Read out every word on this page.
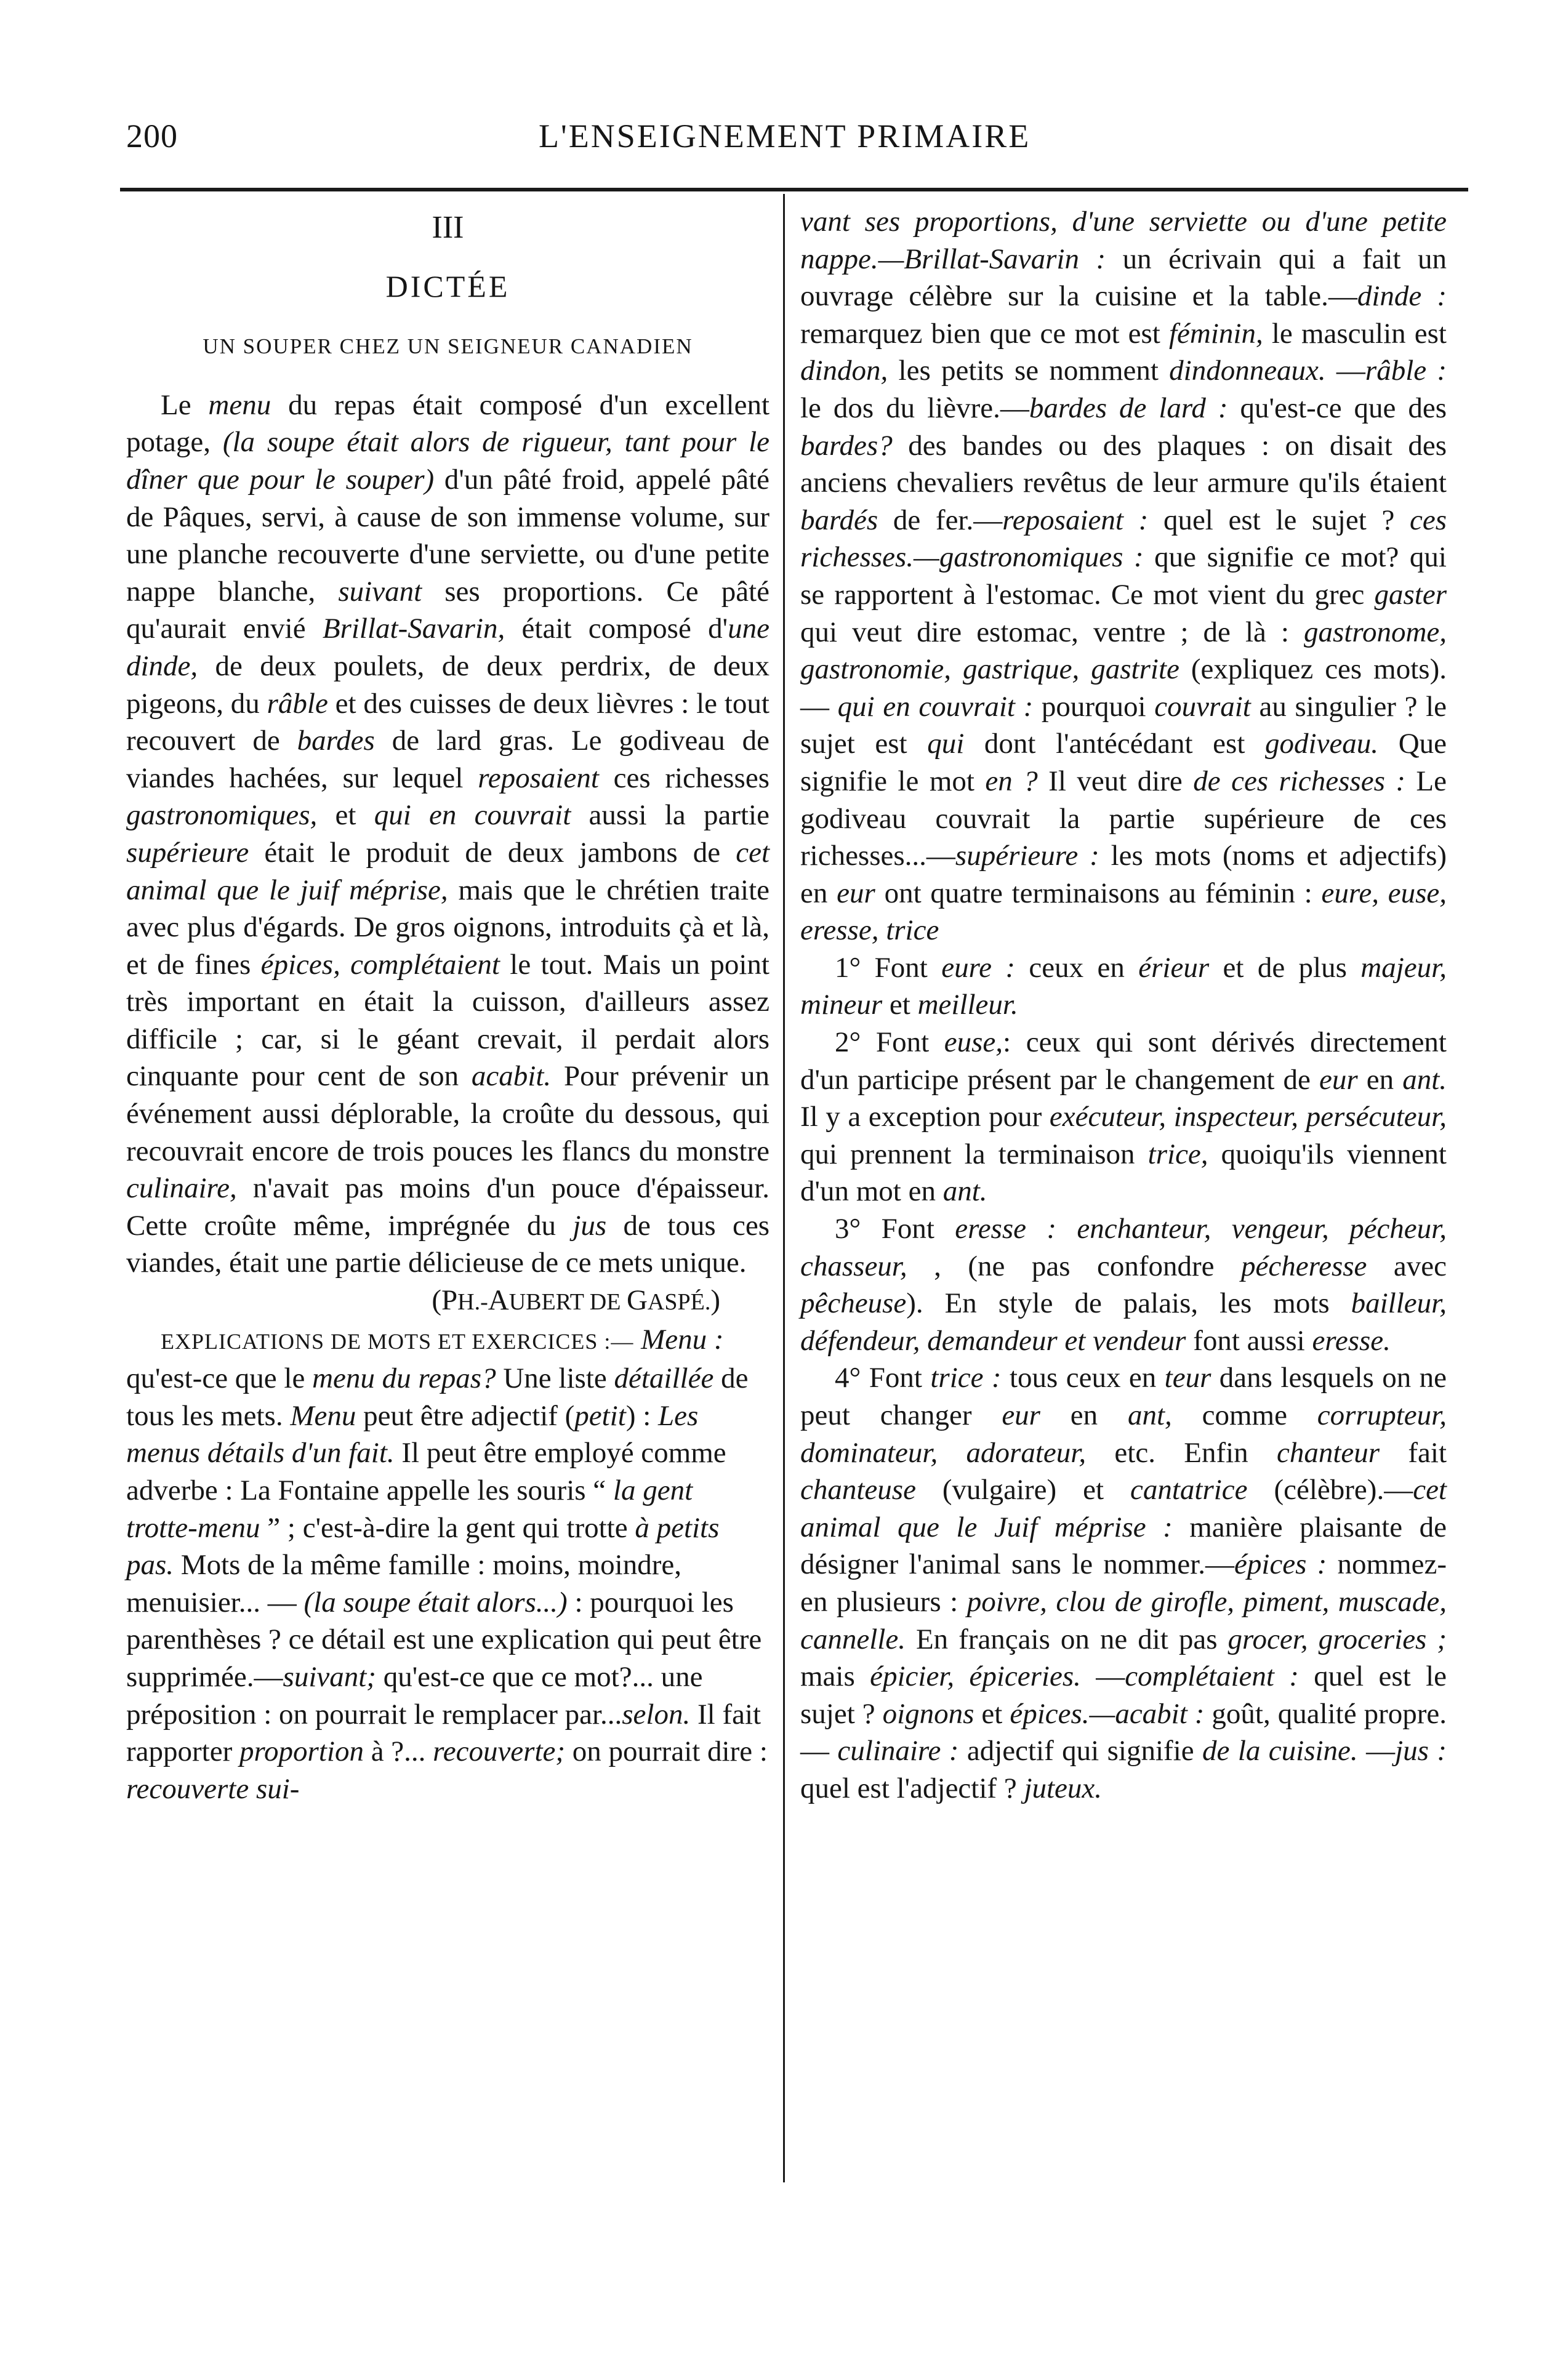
200	L'ENSEIGNEMENT PRIMAIRE
III
DICTÉE
UN SOUPER CHEZ UN SEIGNEUR CANADIEN

Le menu du repas était composé d'un excellent potage, (la soupe était alors de rigueur, tant pour le dîner que pour le souper) d'un pâté froid, appelé pâté de Pâques, servi, à cause de son immense volume, sur une planche recouverte d'une serviette, ou d'une petite nappe blanche, suivant ses proportions. Ce pâté qu'aurait envié Brillat-Savarin, était composé d'une dinde, de deux poulets, de deux perdrix, de deux pigeons, du râble et des cuisses de deux lièvres : le tout recouvert de bardes de lard gras. Le godiveau de viandes hachées, sur lequel reposaient ces richesses gastronomiques, et qui en couvrait aussi la partie supérieure était le produit de deux jambons de cet animal que le juif méprise, mais que le chrétien traite avec plus d'égards. De gros oignons, introduits çà et là, et de fines épices, complétaient le tout. Mais un point très important en était la cuisson, d'ailleurs assez difficile ; car, si le géant crevait, il perdait alors cinquante pour cent de son acabit. Pour prévenir un événement aussi déplorable, la croûte du dessous, qui recouvrait encore de trois pouces les flancs du monstre culinaire, n'avait pas moins d'un pouce d'épaisseur. Cette croûte même, imprégnée du jus de tous ces viandes, était une partie délicieuse de ce mets unique.

(PH.-AUBERT DE GASPÉ.)

EXPLICATIONS DE MOTS ET EXERCICES :— Menu : qu'est-ce que le menu du repas? Une liste détaillée de tous les mets. Menu peut être adjectif (petit) : Les menus détails d'un fait. Il peut être employé comme adverbe : La Fontaine appelle les souris “ la gent trotte-menu ” ; c'est-à-dire la gent qui trotte à petits pas. Mots de la même famille : moins, moindre, menuisier... — (la soupe était alors...) : pourquoi les parenthèses ? ce détail est une explication qui peut être supprimée.—suivant; qu'est-ce que ce mot?... une préposition : on pourrait le remplacer par...selon. Il fait rapporter proportion à ?... recouverte; on pourrait dire : recouverte sui-

vant ses proportions, d'une serviette ou d'une petite nappe.—Brillat-Savarin : un écrivain qui a fait un ouvrage célèbre sur la cuisine et la table.—dinde : remarquez bien que ce mot est féminin, le masculin est dindon, les petits se nomment dindonneaux. —râble : le dos du lièvre.—bardes de lard : qu'est-ce que des bardes? des bandes ou des plaques : on disait des anciens chevaliers revêtus de leur armure qu'ils étaient bardés de fer.—reposaient : quel est le sujet ? ces richesses.—gastronomiques : que signifie ce mot? qui se rapportent à l'estomac. Ce mot vient du grec gaster qui veut dire estomac, ventre ; de là : gastronome, gastronomie, gastrique, gastrite (expliquez ces mots).— qui en couvrait : pourquoi couvrait au singulier ? le sujet est qui dont l'antécédant est godiveau. Que signifie le mot en ? Il veut dire de ces richesses : Le godiveau couvrait la partie supérieure de ces richesses...—supérieure : les mots (noms et adjectifs) en eur ont quatre terminaisons au féminin : eure, euse, eresse, trice

1° Font eure : ceux en érieur et de plus majeur, mineur et meilleur.

2° Font euse,: ceux qui sont dérivés directement d'un participe présent par le changement de eur en ant. Il y a exception pour exécuteur, inspecteur, persécuteur, qui prennent la terminaison trice, quoiqu'ils viennent d'un mot en ant.

3° Font eresse : enchanteur, vengeur, pécheur, chasseur, , (ne pas confondre pécheresse avec pêcheuse). En style de palais, les mots bailleur, défendeur, demandeur et vendeur font aussi eresse.

4° Font trice : tous ceux en teur dans lesquels on ne peut changer eur en ant, comme corrupteur, dominateur, adorateur, etc. Enfin chanteur fait chanteuse (vulgaire) et cantatrice (célèbre).—cet animal que le Juif méprise : manière plaisante de désigner l'animal sans le nommer.—épices : nommez-en plusieurs : poivre, clou de girofle, piment, muscade, cannelle. En français on ne dit pas grocer, groceries ; mais épicier, épiceries. —complétaient : quel est le sujet ? oignons et épices.—acabit : goût, qualité propre.— culinaire : adjectif qui signifie de la cuisine. —jus : quel est l'adjectif ? juteux.
